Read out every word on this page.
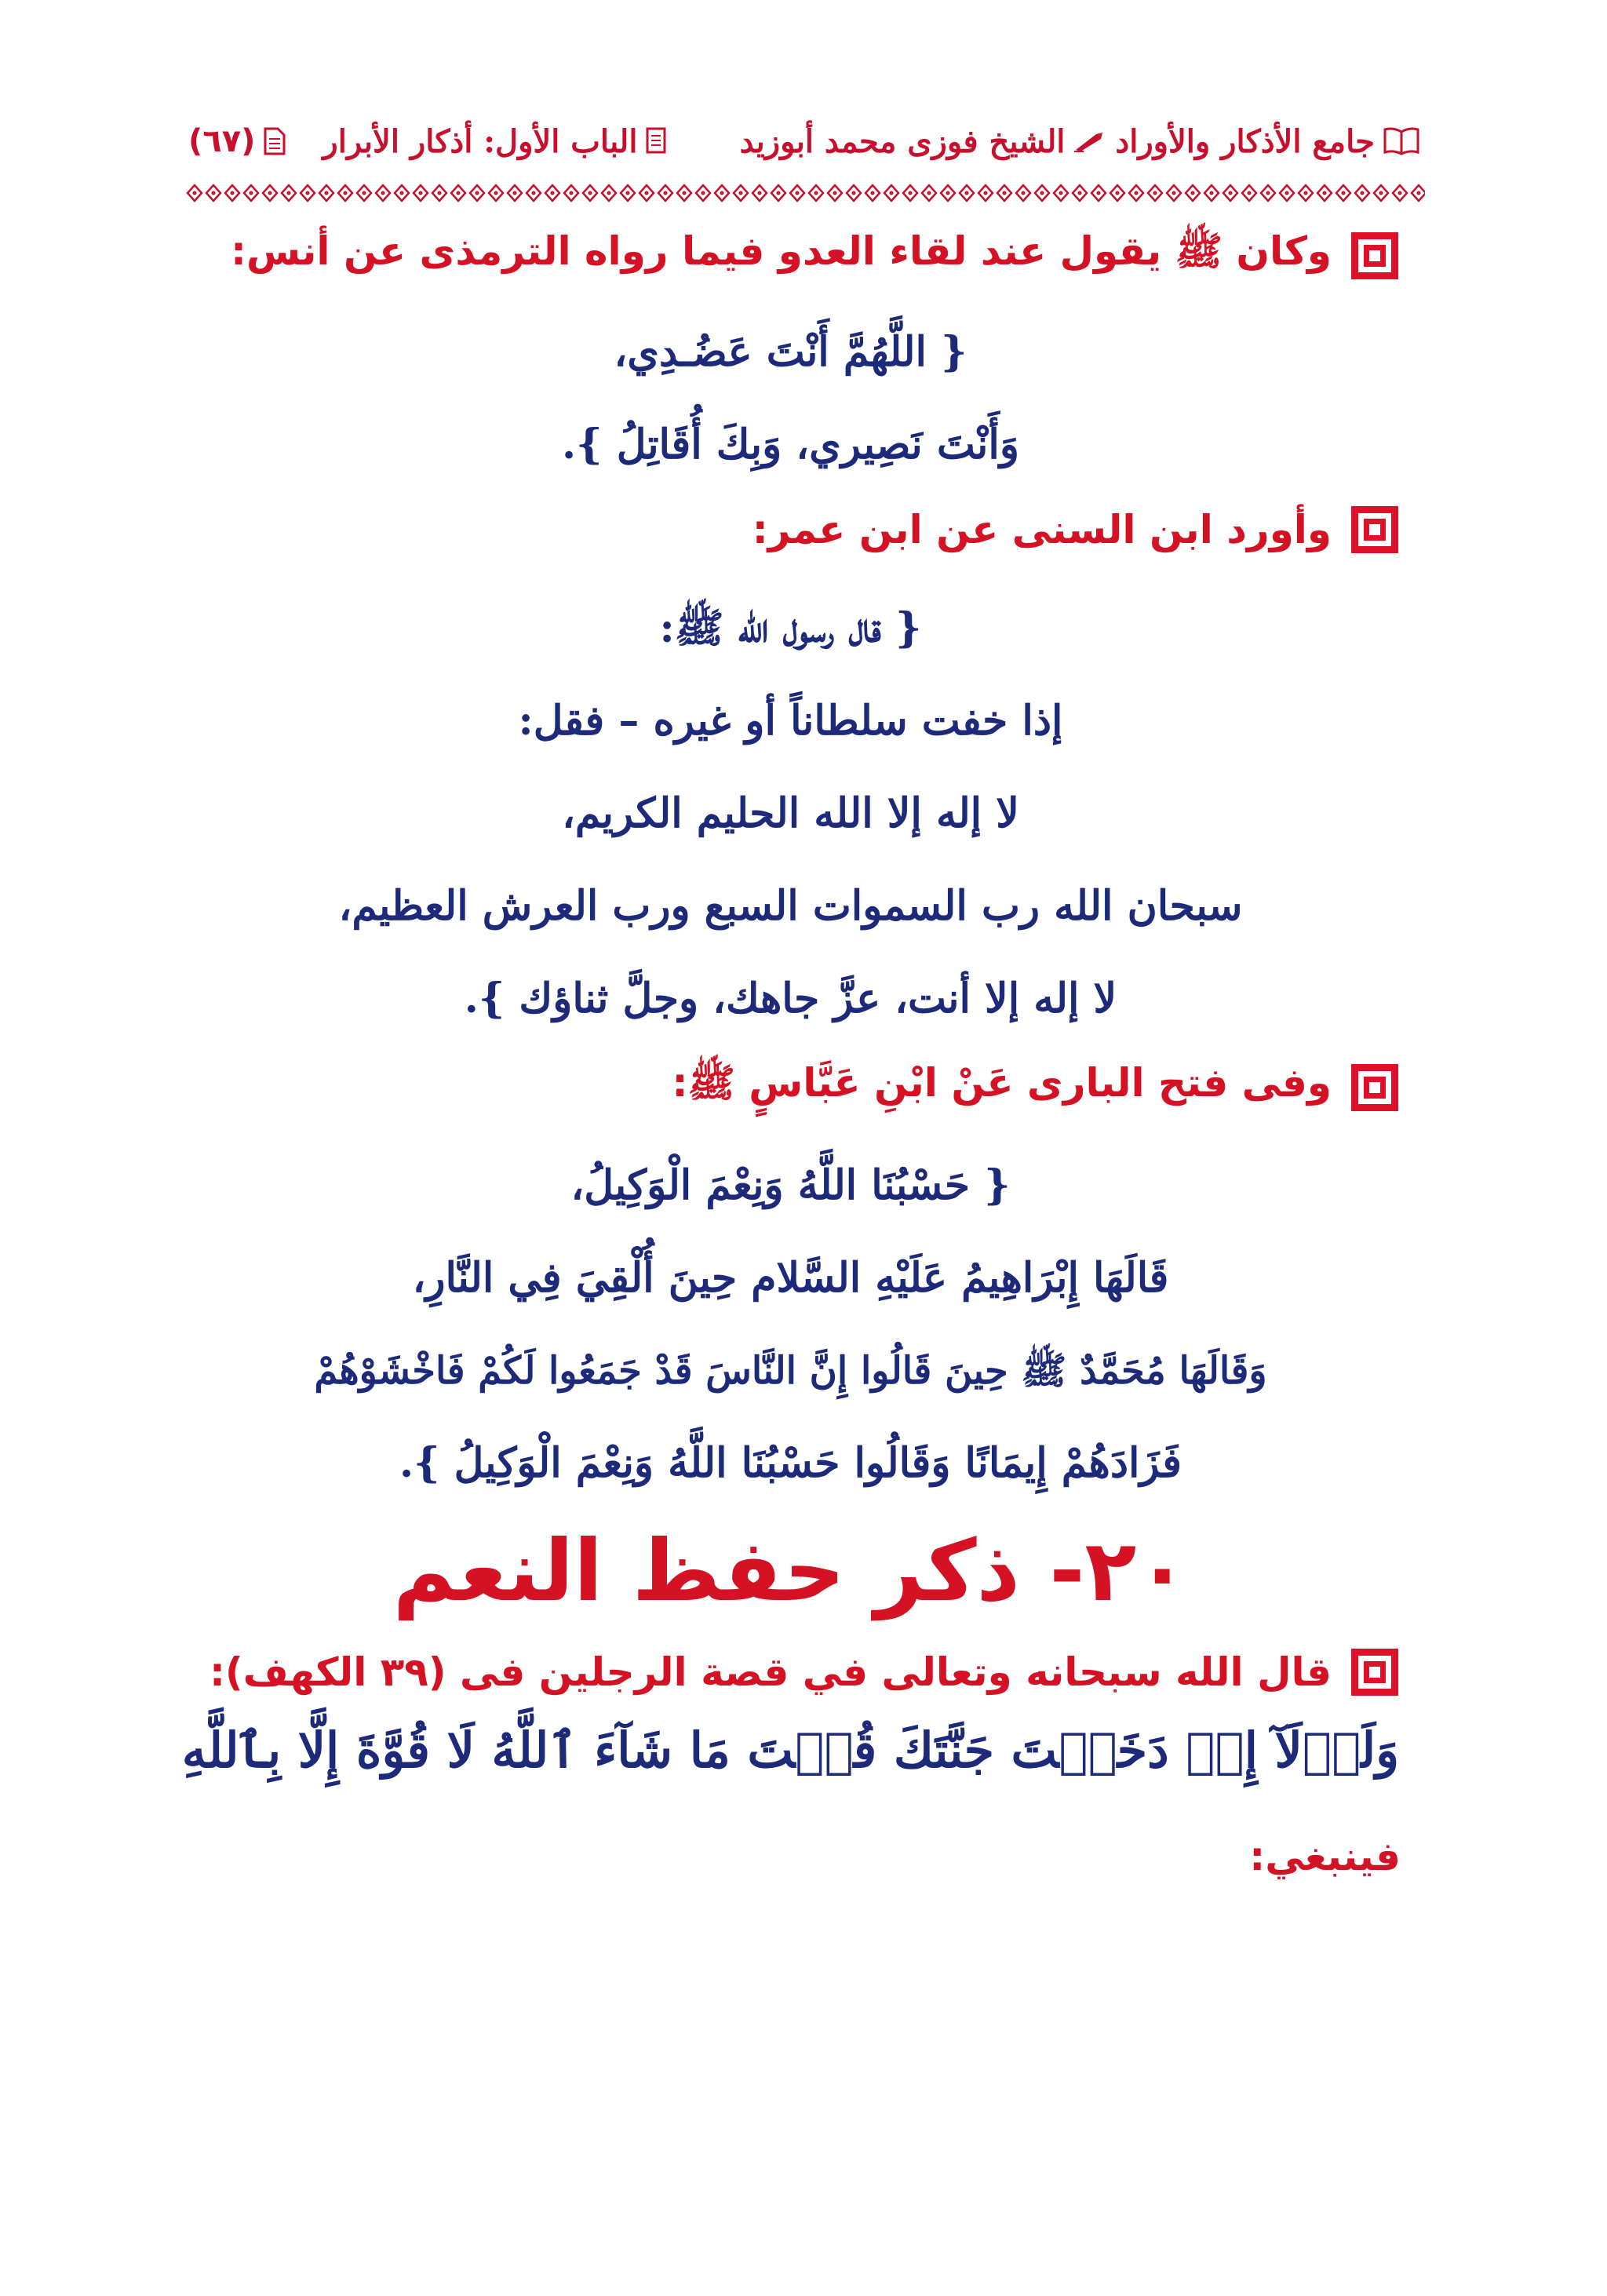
جامع الأذكار والأوراد
الشيخ فوزى محمد أبوزيد
الباب الأول: أذكار الأبرار
(٦٧)
وكان ﷺ يقول عند لقاء العدو فيما رواه الترمذى عن أنس:
{ اللَّهُمَّ أَنْتَ عَضُـدِي،
وَأَنْتَ نَصِيري، وَبِكَ أُقَاتِلُ }.
وأورد ابن السنى عن ابن عمر:
{ قال رسول الله ﷺ:
إذا خفت سلطاناً أو غيره – فقل:
لا إله إلا الله الحليم الكريم،
سبحان الله رب السموات السبع ورب العرش العظيم،
لا إله إلا أنت، عزَّ جاهك، وجلَّ ثناؤك }.
وفى فتح البارى عَنْ ابْنِ عَبَّاسٍ ﷺ:
{ حَسْبُنَا اللَّهُ وَنِعْمَ الْوَكِيلُ،
قَالَهَا إِبْرَاهِيمُ عَلَيْهِ السَّلام حِينَ أُلْقِيَ فِي النَّارِ،
وَقَالَهَا مُحَمَّدٌ ﷺ حِينَ قَالُوا إِنَّ النَّاسَ قَدْ جَمَعُوا لَكُمْ فَاخْشَوْهُمْ
فَزَادَهُمْ إِيمَانًا وَقَالُوا حَسْبُنَا اللَّهُ وَنِعْمَ الْوَكِيلُ }.
٢٠- ذكر حفظ النعم
قال الله سبحانه وتعالى في قصة الرجلين فى (٣٩ الكهف):
وَلَوۡلَآ إِذۡ دَخَلۡتَ جَنَّتَكَ قُلۡتَ مَا شَآءَ ٱللَّهُ لَا قُوَّةَ إِلَّا بِٱللَّهِ
فينبغي:
